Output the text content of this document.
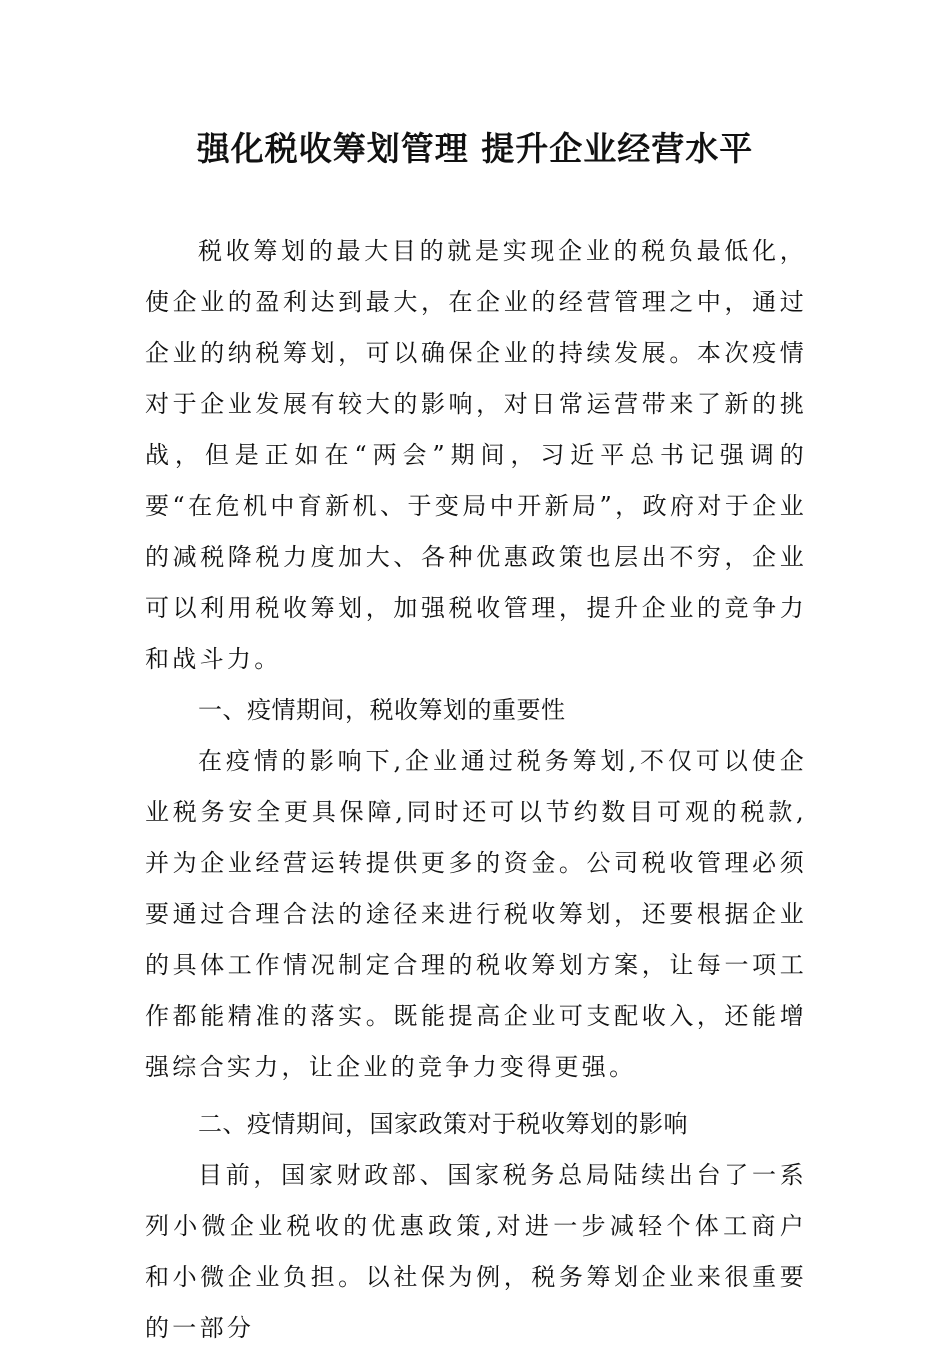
强化税收筹划管理 提升企业经营水平

税收筹划的最大目的就是实现企业的税负最低化，使企业的盈利达到最大，在企业的经营管理之中，通过企业的纳税筹划，可以确保企业的持续发展。本次疫情对于企业发展有较大的影响，对日常运营带来了新的挑战，但是正如在“两会”期间，习近平总书记强调的要“在危机中育新机、于变局中开新局”，政府对于企业的减税降税力度加大、各种优惠政策也层出不穷，企业可以利用税收筹划，加强税收管理，提升企业的竞争力和战斗力。

一、疫情期间，税收筹划的重要性

在疫情的影响下,企业通过税务筹划,不仅可以使企业税务安全更具保障,同时还可以节约数目可观的税款,并为企业经营运转提供更多的资金。公司税收管理必须要通过合理合法的途径来进行税收筹划，还要根据企业的具体工作情况制定合理的税收筹划方案，让每一项工作都能精准的落实。既能提高企业可支配收入，还能增强综合实力，让企业的竞争力变得更强。

二、疫情期间，国家政策对于税收筹划的影响

目前，国家财政部、国家税务总局陆续出台了一系列小微企业税收的优惠政策,对进一步减轻个体工商户和小微企业负担。以社保为例，税务筹划企业来很重要的一部分
